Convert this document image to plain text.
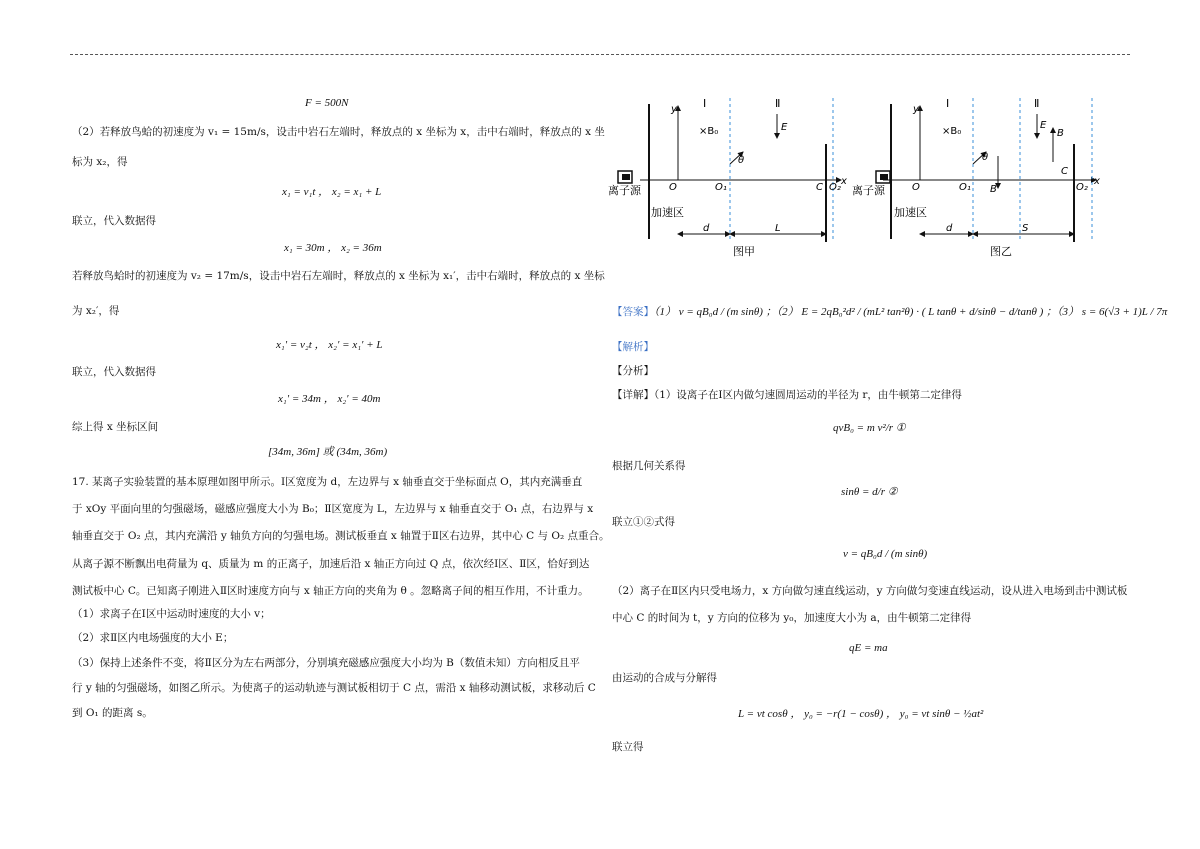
F = 500N
（2）若释放鸟蛤的初速度为 v₁ = 15m/s，设击中岩石左端时，释放点的 x 坐标为 x，击中右端时，释放点的 x 坐
标为 x₂，得
x₁ = v₁t ， x₂ = x₁ + L
联立，代入数据得
x₁ = 30m ， x₂ = 36m
若释放鸟蛤时的初速度为 v₂ = 17m/s，设击中岩石左端时，释放点的 x 坐标为 x₁′，击中右端时，释放点的 x 坐标
为 x₂′，得
x₁′ = v₂t ， x₂′ = x₁′ + L
联立，代入数据得
x₁′ = 34m ， x₂′ = 40m
综上得 x 坐标区间
[34m, 36m] 或 (34m, 36m)
17. 某离子实验装置的基本原理如图甲所示。Ⅰ区宽度为 d，左边界与 x 轴垂直交于坐标面点 O，其内充满垂直
于 xOy 平面向里的匀强磁场，磁感应强度大小为 B₀；Ⅱ区宽度为 L，左边界与 x 轴垂直交于 O₁ 点，右边界与 x
轴垂直交于 O₂ 点，其内充满沿 y 轴负方向的匀强电场。测试板垂直 x 轴置于Ⅱ区右边界，其中心 C 与 O₂ 点重合。
从离子源不断飘出电荷量为 q、质量为 m 的正离子，加速后沿 x 轴正方向过 Q 点，依次经Ⅰ区、Ⅱ区，恰好到达
测试板中心 C。已知离子刚进入Ⅱ区时速度方向与 x 轴正方向的夹角为 θ 。忽略离子间的相互作用，不计重力。
（1）求离子在Ⅰ区中运动时速度的大小 v；
（2）求Ⅱ区内电场强度的大小 E；
（3）保持上述条件不变，将Ⅱ区分为左右两部分，分别填充磁感应强度大小均为 B（数值未知）方向相反且平
行 y 轴的匀强磁场，如图乙所示。为使离子的运动轨迹与测试板相切于 C 点，需沿 x 轴移动测试板，求移动后 C
到 O₁ 的距离 s。
Ⅰ	Ⅱ
y
x
×B₀	E
θ
O	O₁	C O₂
离子源
加速区
d	L
图甲
Ⅰ	Ⅱ
y
x
×B₀
E
B
B
θ
O	O₁
C
O₂
离子源
加速区
d	S
图乙
【答案】（1） v = qB₀d / (m sinθ) ；（2） E = 2qB₀²d² / (mL² tan²θ) · ( L tanθ + d/sinθ − d/tanθ ) ；（3） s = 6(√3 + 1)L / 7π
【解析】
【分析】
【详解】（1）设离子在Ⅰ区内做匀速圆周运动的半径为 r，由牛顿第二定律得
qvB₀ = m v²/r ①
根据几何关系得
sinθ = d/r ②
联立①②式得
v = qB₀d / (m sinθ)
（2）离子在Ⅱ区内只受电场力，x 方向做匀速直线运动，y 方向做匀变速直线运动，设从进入电场到击中测试板
中心 C 的时间为 t，y 方向的位移为 y₀，加速度大小为 a，由牛顿第二定律得
qE = ma
由运动的合成与分解得
L = vt cosθ ， y₀ = −r(1 − cosθ) ， y₀ = vt sinθ − ½at²
联立得
